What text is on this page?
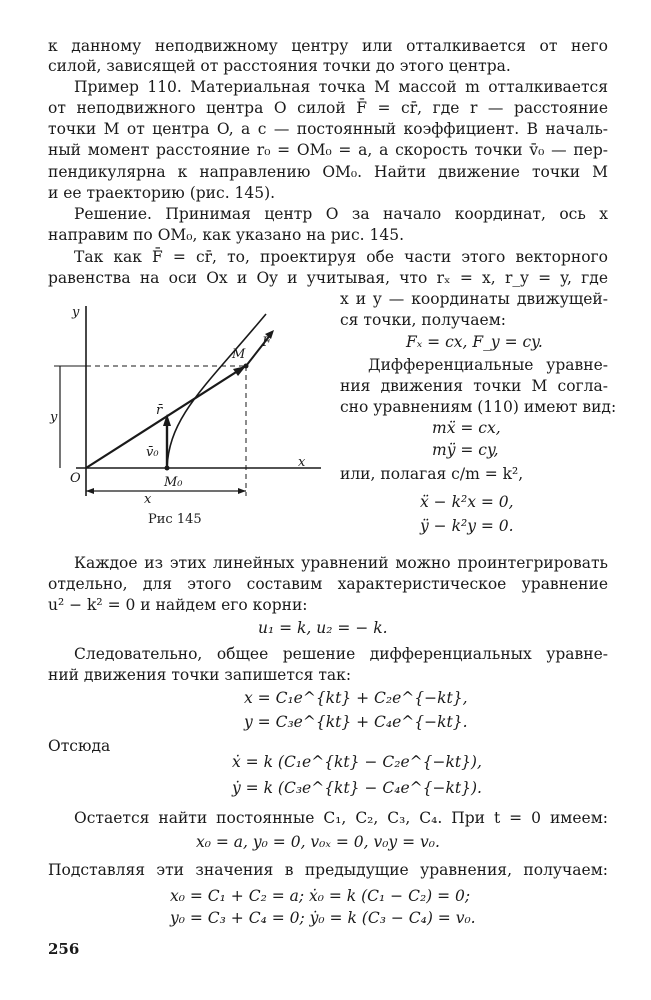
к данному неподвижному центру или отталкивается от него
силой, зависящей от расстояния точки до этого центра.
Пример 110. Материальная точка M массой m отталкивается
от неподвижного центра O силой F̄ = cr̄, где r — расстояние
точки M от центра O, а c — постоянный коэффициент. В началь-
ный момент расстояние r₀ = OM₀ = a, а скорость точки v̄₀ — пер-
пендикулярна к направлению OM₀. Найти движение точки M
и ее траекторию (рис. 145).
Решение. Принимая центр O за начало координат, ось x
направим по OM₀, как указано на рис. 145.
Так как F̄ = cr̄, то, проектируя обе части этого векторного
равенства на оси Ox и Oy и учитывая, что rₓ = x, r_y = y, где
x и y — координаты движущей-
ся точки, получаем:
Fₓ = cx, F_y = cy.
Дифференциальные уравне-
ния движения точки M согла-
сно уравнениям (110) имеют вид:
mẍ = cx,
mÿ = cy,
или, полагая c/m = k²,
ẍ − k²x = 0,
ÿ − k²y = 0.
y
x
O
M
M₀
F̄
r̄
v̄₀
y
x
Рис 145
Каждое из этих линейных уравнений можно проинтегрировать
отдельно, для этого составим характеристическое уравнение
u² − k² = 0 и найдем его корни:
u₁ = k, u₂ = − k.
Следовательно, общее решение дифференциальных уравне-
ний движения точки запишется так:
x = C₁e^{kt} + C₂e^{−kt},
y = C₃e^{kt} + C₄e^{−kt}.
Отсюда
ẋ = k (C₁e^{kt} − C₂e^{−kt}),
ẏ = k (C₃e^{kt} − C₄e^{−kt}).
Остается найти постоянные C₁, C₂, C₃, C₄. При t = 0 имеем:
x₀ = a, y₀ = 0, v₀ₓ = 0, v₀y = v₀.
Подставляя эти значения в предыдущие уравнения, получаем:
x₀ = C₁ + C₂ = a; ẋ₀ = k (C₁ − C₂) = 0;
y₀ = C₃ + C₄ = 0; ẏ₀ = k (C₃ − C₄) = v₀.
256
